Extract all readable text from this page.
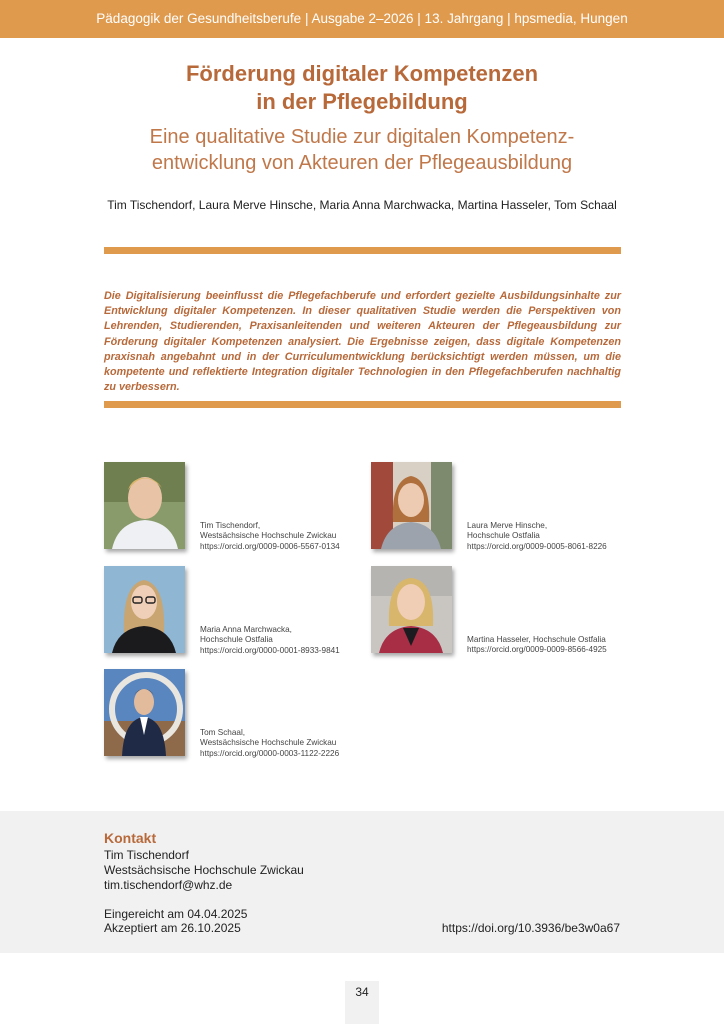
Pädagogik der Gesundheitsberufe | Ausgabe 2–2026 | 13. Jahrgang | hpsmedia, Hungen
Förderung digitaler Kompetenzen
in der Pflegebildung
Eine qualitative Studie zur digitalen Kompetenz-
entwicklung von Akteuren der Pflegeausbildung
Tim Tischendorf, Laura Merve Hinsche, Maria Anna Marchwacka, Martina Hasseler, Tom Schaal
Die Digitalisierung beeinflusst die Pflegefachberufe und erfordert gezielte Ausbildungsinhalte zur Entwicklung digitaler Kompetenzen. In dieser qualitativen Studie werden die Perspektiven von Lehrenden, Studierenden, Praxisanleitenden und weiteren Akteuren der Pflegeausbildung zur Förderung digitaler Kompetenzen analysiert. Die Ergebnisse zeigen, dass digitale Kompetenzen praxisnah angebahnt und in der Curriculumentwicklung berücksichtigt werden müssen, um die kompetente und reflektierte Integration digitaler Technologien in den Pflegefachberufen nachhaltig zu verbessern.
Tim Tischendorf,
Westsächsische Hochschule Zwickau
https://orcid.org/0009-0006-5567-0134
Laura Merve Hinsche,
Hochschule Ostfalia
https://orcid.org/0009-0005-8061-8226
Maria Anna Marchwacka,
Hochschule Ostfalia
https://orcid.org/0000-0001-8933-9841
Martina Hasseler, Hochschule Ostfalia
https://orcid.org/0009-0009-8566-4925
Tom Schaal,
Westsächsische Hochschule Zwickau
https://orcid.org/0000-0003-1122-2226
Kontakt
Tim Tischendorf
Westsächsische Hochschule Zwickau
tim.tischendorf@whz.de
Eingereicht am 04.04.2025
Akzeptiert am 26.10.2025	https://doi.org/10.3936/be3w0a67
34
